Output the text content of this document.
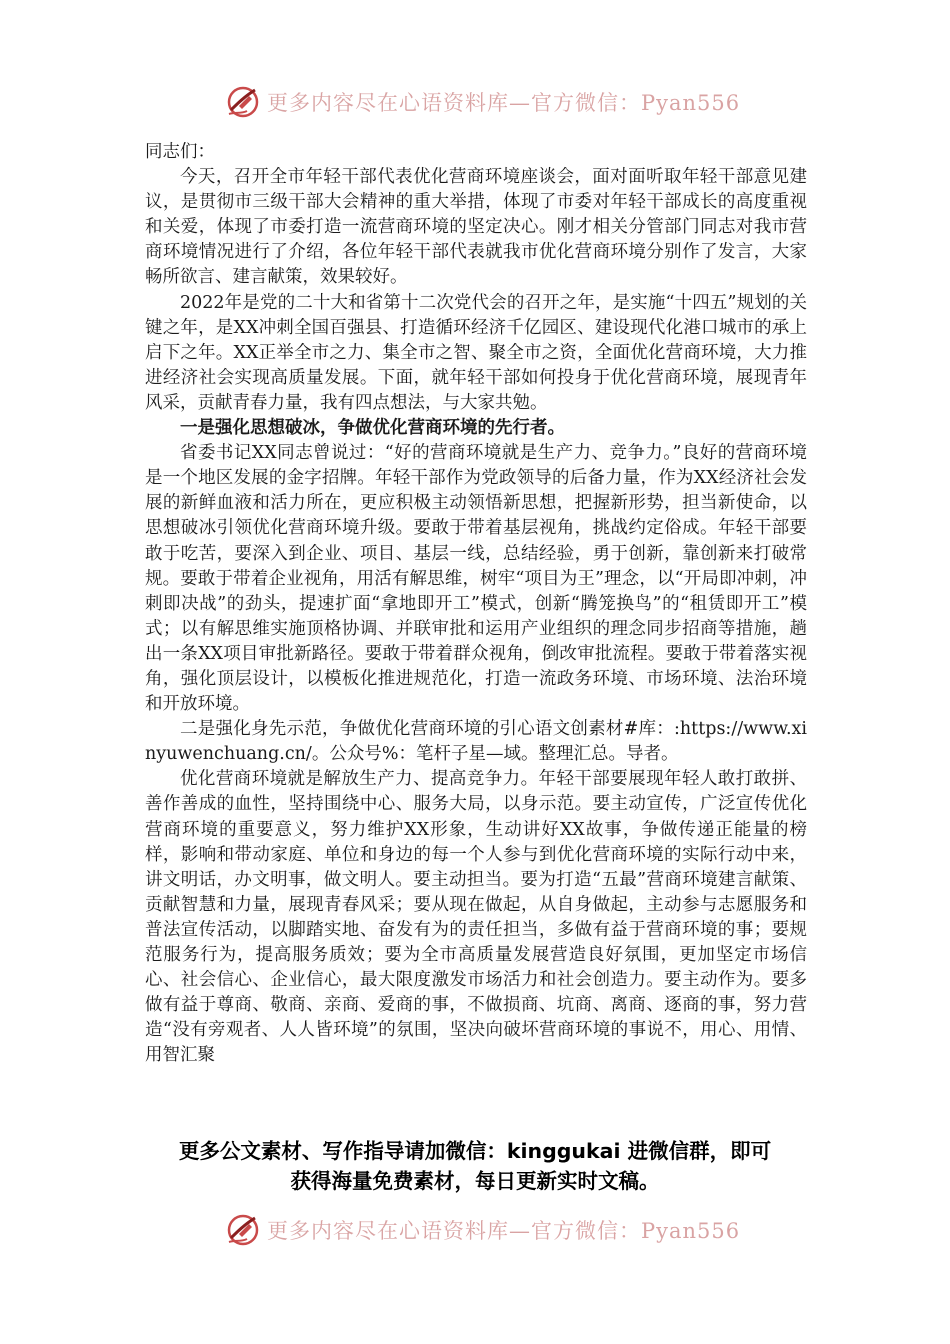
更多内容尽在心语资料库—官方微信：Pyan556

同志们：

今天，召开全市年轻干部代表优化营商环境座谈会，面对面听取年轻干部意见建议，是贯彻市三级干部大会精神的重大举措，体现了市委对年轻干部成长的高度重视和关爱，体现了市委打造一流营商环境的坚定决心。刚才相关分管部门同志对我市营商环境情况进行了介绍，各位年轻干部代表就我市优化营商环境分别作了发言，大家畅所欲言、建言献策，效果较好。

2022年是党的二十大和省第十二次党代会的召开之年，是实施“十四五”规划的关键之年，是XX冲刺全国百强县、打造循环经济千亿园区、建设现代化港口城市的承上启下之年。XX正举全市之力、集全市之智、聚全市之资，全面优化营商环境，大力推进经济社会实现高质量发展。下面，就年轻干部如何投身于优化营商环境，展现青年风采，贡献青春力量，我有四点想法，与大家共勉。

一是强化思想破冰，争做优化营商环境的先行者。

省委书记XX同志曾说过：“好的营商环境就是生产力、竞争力。”良好的营商环境是一个地区发展的金字招牌。年轻干部作为党政领导的后备力量，作为XX经济社会发展的新鲜血液和活力所在，更应积极主动领悟新思想，把握新形势，担当新使命，以思想破冰引领优化营商环境升级。要敢于带着基层视角，挑战约定俗成。年轻干部要敢于吃苦，要深入到企业、项目、基层一线，总结经验，勇于创新，靠创新来打破常规。要敢于带着企业视角，用活有解思维，树牢“项目为王”理念，以“开局即冲刺，冲刺即决战”的劲头，提速扩面“拿地即开工”模式，创新“腾笼换鸟”的“租赁即开工”模式；以有解思维实施顶格协调、并联审批和运用产业组织的理念同步招商等措施，趟出一条XX项目审批新路径。要敢于带着群众视角，倒改审批流程。要敢于带着落实视角，强化顶层设计，以模板化推进规范化，打造一流政务环境、市场环境、法治环境和开放环境。

二是强化身先示范，争做优化营商环境的引心语文创素材#库：:https://www.xinyuwenchuang.cn/。公众号%：笔杆子星—域。整理汇总。导者。

优化营商环境就是解放生产力、提高竞争力。年轻干部要展现年轻人敢打敢拼、善作善成的血性，坚持围绕中心、服务大局，以身示范。要主动宣传，广泛宣传优化营商环境的重要意义，努力维护XX形象，生动讲好XX故事，争做传递正能量的榜样，影响和带动家庭、单位和身边的每一个人参与到优化营商环境的实际行动中来，讲文明话，办文明事，做文明人。要主动担当。要为打造“五最”营商环境建言献策、贡献智慧和力量，展现青春风采；要从现在做起，从自身做起，主动参与志愿服务和普法宣传活动，以脚踏实地、奋发有为的责任担当，多做有益于营商环境的事；要规范服务行为，提高服务质效；要为全市高质量发展营造良好氛围，更加坚定市场信心、社会信心、企业信心，最大限度激发市场活力和社会创造力。要主动作为。要多做有益于尊商、敬商、亲商、爱商的事，不做损商、坑商、离商、逐商的事，努力营造“没有旁观者、人人皆环境”的氛围，坚决向破坏营商环境的事说不，用心、用情、用智汇聚

更多公文素材、写作指导请加微信：kinggukai 进微信群，即可
获得海量免费素材，每日更新实时文稿。
更多内容尽在心语资料库—官方微信：Pyan556
